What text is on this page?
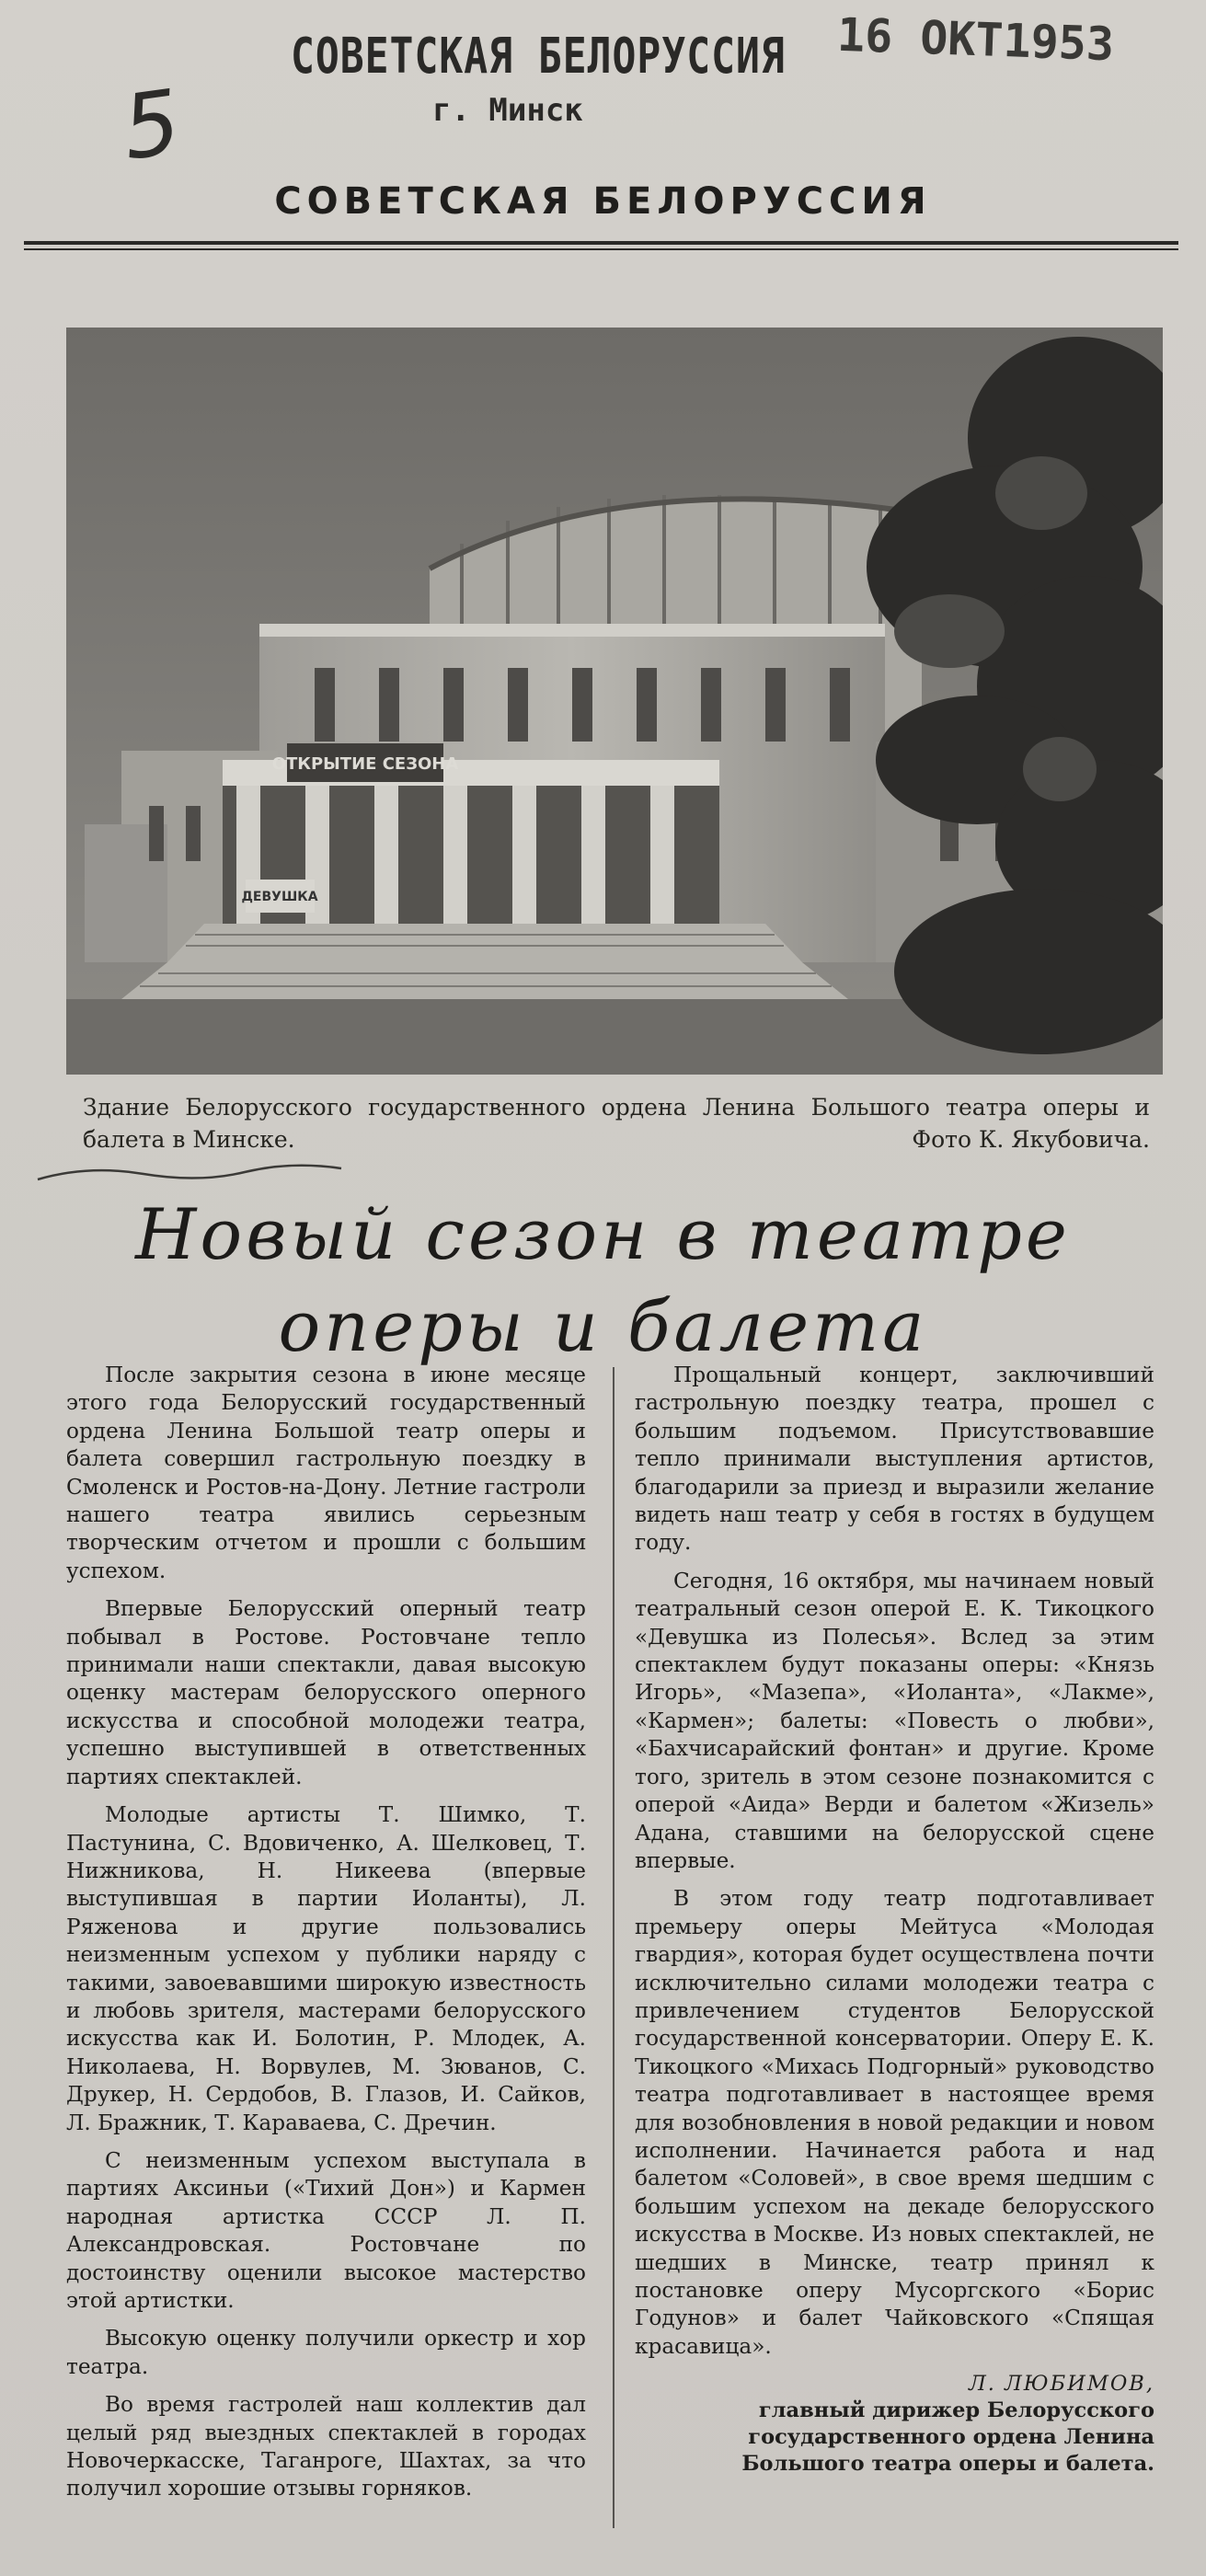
СОВЕТСКАЯ БЕЛОРУССИЯ
г. Минск
16 ОКТ1953
5
СОВЕТСКАЯ БЕЛОРУССИЯ
ОТКРЫТИЕ СЕЗОНА
ДЕВУШКА
Здание Белорусского государственного ордена Ленина Большого театра оперы и балета в Минске.	Фото К. Якубовича.
Новый сезон в театре
оперы и балета

После закрытия сезона в июне месяце этого года Белорусский государственный ордена Ленина Большой театр оперы и балета совершил гастрольную поездку в Смоленск и Ростов-на-Дону. Летние гастроли нашего театра явились серьезным творческим отчетом и прошли с большим успехом.

Впервые Белорусский оперный театр побывал в Ростове. Ростовчане тепло принимали наши спектакли, давая высокую оценку мастерам белорусского оперного искусства и способной молодежи театра, успешно выступившей в ответственных партиях спектаклей.

Молодые артисты Т. Шимко, Т. Пастунина, С. Вдовиченко, А. Шелковец, Т. Нижникова, Н. Никеева (впервые выступившая в партии Иоланты), Л. Ряженова и другие пользовались неизменным успехом у публики наряду с такими, завоевавшими широкую известность и любовь зрителя, мастерами белорусского искусства как И. Болотин, Р. Млодек, А. Николаева, Н. Ворвулев, М. Зюванов, С. Друкер, Н. Сердобов, В. Глазов, И. Сайков, Л. Бражник, Т. Караваева, С. Дречин.

С неизменным успехом выступала в партиях Аксиньи («Тихий Дон») и Кармен народная артистка СССР Л. П. Александровская. Ростовчане по достоинству оценили высокое мастерство этой артистки.

Высокую оценку получили оркестр и хор театра.

Во время гастролей наш коллектив дал целый ряд выездных спектаклей в городах Новочеркасске, Таганроге, Шахтах, за что получил хорошие отзывы горняков.

Прощальный концерт, заключивший гастрольную поездку театра, прошел с большим подъемом. Присутствовавшие тепло принимали выступления артистов, благодарили за приезд и выразили желание видеть наш театр у себя в гостях в будущем году.

Сегодня, 16 октября, мы начинаем новый театральный сезон оперой Е. К. Тикоцкого «Девушка из Полесья». Вслед за этим спектаклем будут показаны оперы: «Князь Игорь», «Мазепа», «Иоланта», «Лакме», «Кармен»; балеты: «Повесть о любви», «Бахчисарайский фонтан» и другие. Кроме того, зритель в этом сезоне познакомится с оперой «Аида» Верди и балетом «Жизель» Адана, ставшими на белорусской сцене впервые.

В этом году театр подготавливает премьеру оперы Мейтуса «Молодая гвардия», которая будет осуществлена почти исключительно силами молодежи театра с привлечением студентов Белорусской государственной консерватории. Оперу Е. К. Тикоцкого «Михась Подгорный» руководство театра подготавливает в настоящее время для возобновления в новой редакции и новом исполнении. Начинается работа и над балетом «Соловей», в свое время шедшим с большим успехом на декаде белорусского искусства в Москве. Из новых спектаклей, не шедших в Минске, театр принял к постановке оперу Мусоргского «Борис Годунов» и балет Чайковского «Спящая красавица».

Л. ЛЮБИМОВ,
главный дирижер Белорусского государственного ордена Ленина Большого театра оперы и балета.
